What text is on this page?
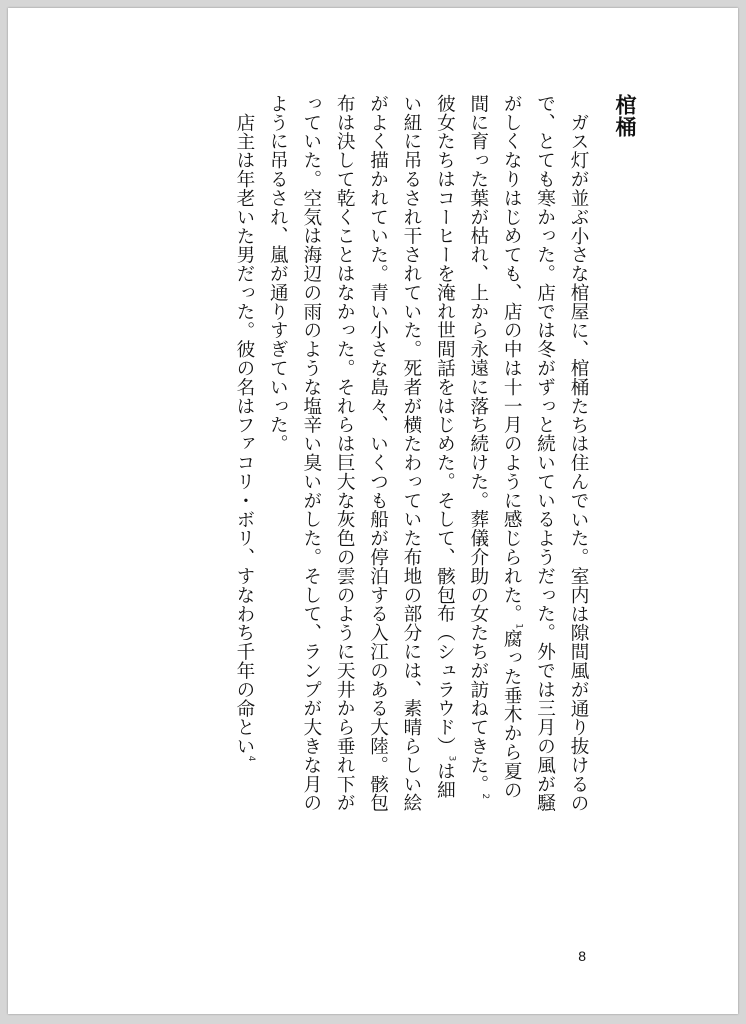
棺桶

ガス灯が並ぶ小さな棺屋に、棺桶たちは住んでいた。室内は隙間風が通り抜けるので、とても寒かった。店では冬がずっと続いているようだった。外では三月の風が騒がしくなりはじめても、店の中は十一月のように感じられた。$^1$腐った垂木から夏の間に育った葉が枯れ、上から永遠に落ち続けた。葬儀介助の女たちが訪ねてきた。$^2$彼女たちはコーヒーを淹れ世間話をはじめた。そして、骸包布（シュラウド）$^3$は細い紐に吊るされ干されていた。死者が横たわっていた布地の部分には、素晴らしい絵がよく描かれていた。青い小さな島々、いくつも船が停泊する入江のある大陸。骸包布は決して乾くことはなかった。それらは巨大な灰色の雲のように天井から垂れ下がっていた。空気は海辺の雨のような塩辛い臭いがした。そして、ランプが大きな月のように吊るされ、嵐が通りすぎていった。

店主は年老いた男だった。彼の名はファコリ・ボリ、すなわち千年の命とい$^4$

8
